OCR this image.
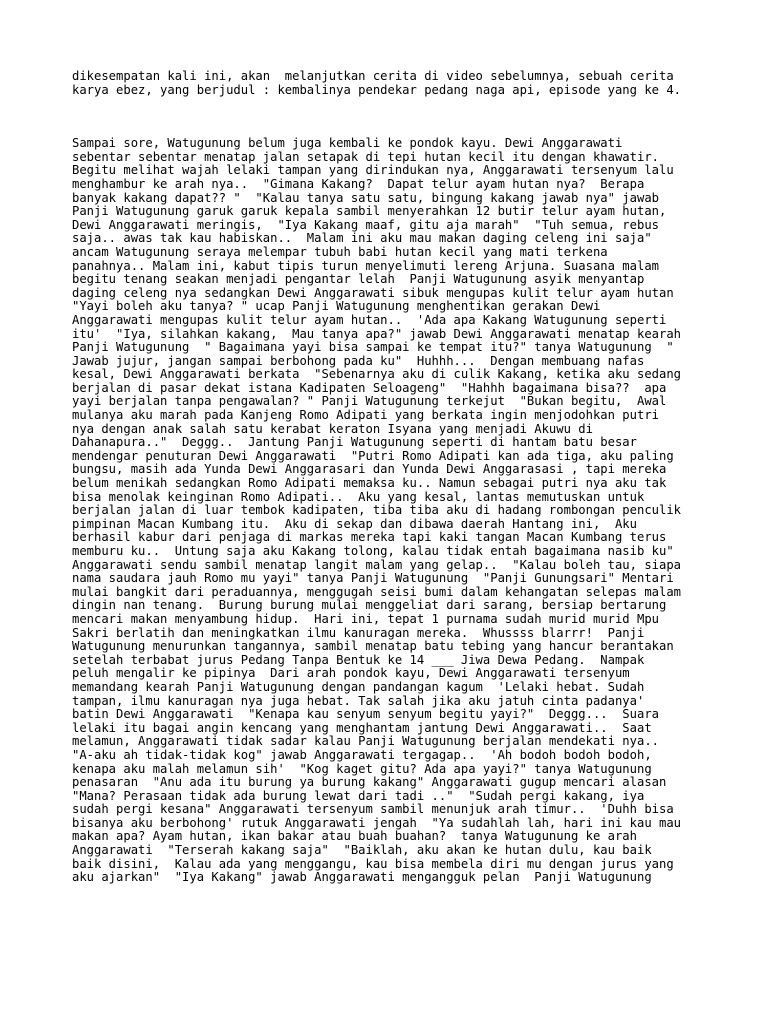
dikesempatan kali ini, akan  melanjutkan cerita di video sebelumnya, sebuah cerita
karya ebez, yang berjudul : kembalinya pendekar pedang naga api, episode yang ke 4.
Sampai sore, Watugunung belum juga kembali ke pondok kayu. Dewi Anggarawati
sebentar sebentar menatap jalan setapak di tepi hutan kecil itu dengan khawatir.
Begitu melihat wajah lelaki tampan yang dirindukan nya, Anggarawati tersenyum lalu
menghambur ke arah nya..  "Gimana Kakang?  Dapat telur ayam hutan nya?  Berapa
banyak kakang dapat?? "  "Kalau tanya satu satu, bingung kakang jawab nya" jawab
Panji Watugunung garuk garuk kepala sambil menyerahkan 12 butir telur ayam hutan,
Dewi Anggarawati meringis,  "Iya Kakang maaf, gitu aja marah"  "Tuh semua, rebus
saja.. awas tak kau habiskan..  Malam ini aku mau makan daging celeng ini saja"
ancam Watugunung seraya melempar tubuh babi hutan kecil yang mati terkena
panahnya.. Malam ini, kabut tipis turun menyelimuti lereng Arjuna. Suasana malam
begitu tenang seakan menjadi pengantar lelah  Panji Watugunung asyik menyantap
daging celeng nya sedangkan Dewi Anggarawati sibuk mengupas kulit telur ayam hutan
"Yayi boleh aku tanya? " ucap Panji Watugunung menghentikan gerakan Dewi
Anggarawati mengupas kulit telur ayam hutan..  'Ada apa Kakang Watugunung seperti
itu'  "Iya, silahkan kakang,  Mau tanya apa?" jawab Dewi Anggarawati menatap kearah
Panji Watugunung  " Bagaimana yayi bisa sampai ke tempat itu?" tanya Watugunung  "
Jawab jujur, jangan sampai berbohong pada ku"  Huhhh...  Dengan membuang nafas
kesal, Dewi Anggarawati berkata  "Sebenarnya aku di culik Kakang, ketika aku sedang
berjalan di pasar dekat istana Kadipaten Seloageng"  "Hahhh bagaimana bisa??  apa
yayi berjalan tanpa pengawalan? " Panji Watugunung terkejut  "Bukan begitu,  Awal
mulanya aku marah pada Kanjeng Romo Adipati yang berkata ingin menjodohkan putri
nya dengan anak salah satu kerabat keraton Isyana yang menjadi Akuwu di
Dahanapura.."  Deggg..  Jantung Panji Watugunung seperti di hantam batu besar
mendengar penuturan Dewi Anggarawati  "Putri Romo Adipati kan ada tiga, aku paling
bungsu, masih ada Yunda Dewi Anggarasari dan Yunda Dewi Anggarasasi , tapi mereka
belum menikah sedangkan Romo Adipati memaksa ku.. Namun sebagai putri nya aku tak
bisa menolak keinginan Romo Adipati..  Aku yang kesal, lantas memutuskan untuk
berjalan jalan di luar tembok kadipaten, tiba tiba aku di hadang rombongan penculik
pimpinan Macan Kumbang itu.  Aku di sekap dan dibawa daerah Hantang ini,  Aku
berhasil kabur dari penjaga di markas mereka tapi kaki tangan Macan Kumbang terus
memburu ku..  Untung saja aku Kakang tolong, kalau tidak entah bagaimana nasib ku"
Anggarawati sendu sambil menatap langit malam yang gelap..  "Kalau boleh tau, siapa
nama saudara jauh Romo mu yayi" tanya Panji Watugunung  "Panji Gunungsari" Mentari
mulai bangkit dari peraduannya, menggugah seisi bumi dalam kehangatan selepas malam
dingin nan tenang.  Burung burung mulai menggeliat dari sarang, bersiap bertarung
mencari makan menyambung hidup.  Hari ini, tepat 1 purnama sudah murid murid Mpu
Sakri berlatih dan meningkatkan ilmu kanuragan mereka.  Whussss blarrr!  Panji
Watugunung menurunkan tangannya, sambil menatap batu tebing yang hancur berantakan
setelah terbabat jurus Pedang Tanpa Bentuk ke 14 ___ Jiwa Dewa Pedang.  Nampak
peluh mengalir ke pipinya  Dari arah pondok kayu, Dewi Anggarawati tersenyum
memandang kearah Panji Watugunung dengan pandangan kagum  'Lelaki hebat. Sudah
tampan, ilmu kanuragan nya juga hebat. Tak salah jika aku jatuh cinta padanya'
batin Dewi Anggarawati  "Kenapa kau senyum senyum begitu yayi?"  Deggg...  Suara
lelaki itu bagai angin kencang yang menghantam jantung Dewi Anggarawati..  Saat
melamun, Anggarawati tidak sadar kalau Panji Watugunung berjalan mendekati nya..
"A-aku ah tidak-tidak kog" jawab Anggarawati tergagap..  'Ah bodoh bodoh bodoh,
kenapa aku malah melamun sih'  "Kog kaget gitu? Ada apa yayi?" tanya Watugunung
penasaran  "Anu ada itu burung ya burung kakang" Anggarawati gugup mencari alasan
"Mana? Perasaan tidak ada burung lewat dari tadi .."  "Sudah pergi kakang, iya
sudah pergi kesana" Anggarawati tersenyum sambil menunjuk arah timur..  'Duhh bisa
bisanya aku berbohong' rutuk Anggarawati jengah  "Ya sudahlah lah, hari ini kau mau
makan apa? Ayam hutan, ikan bakar atau buah buahan?  tanya Watugunung ke arah
Anggarawati  "Terserah kakang saja"  "Baiklah, aku akan ke hutan dulu, kau baik
baik disini,  Kalau ada yang menggangu, kau bisa membela diri mu dengan jurus yang
aku ajarkan"  "Iya Kakang" jawab Anggarawati mengangguk pelan  Panji Watugunung
